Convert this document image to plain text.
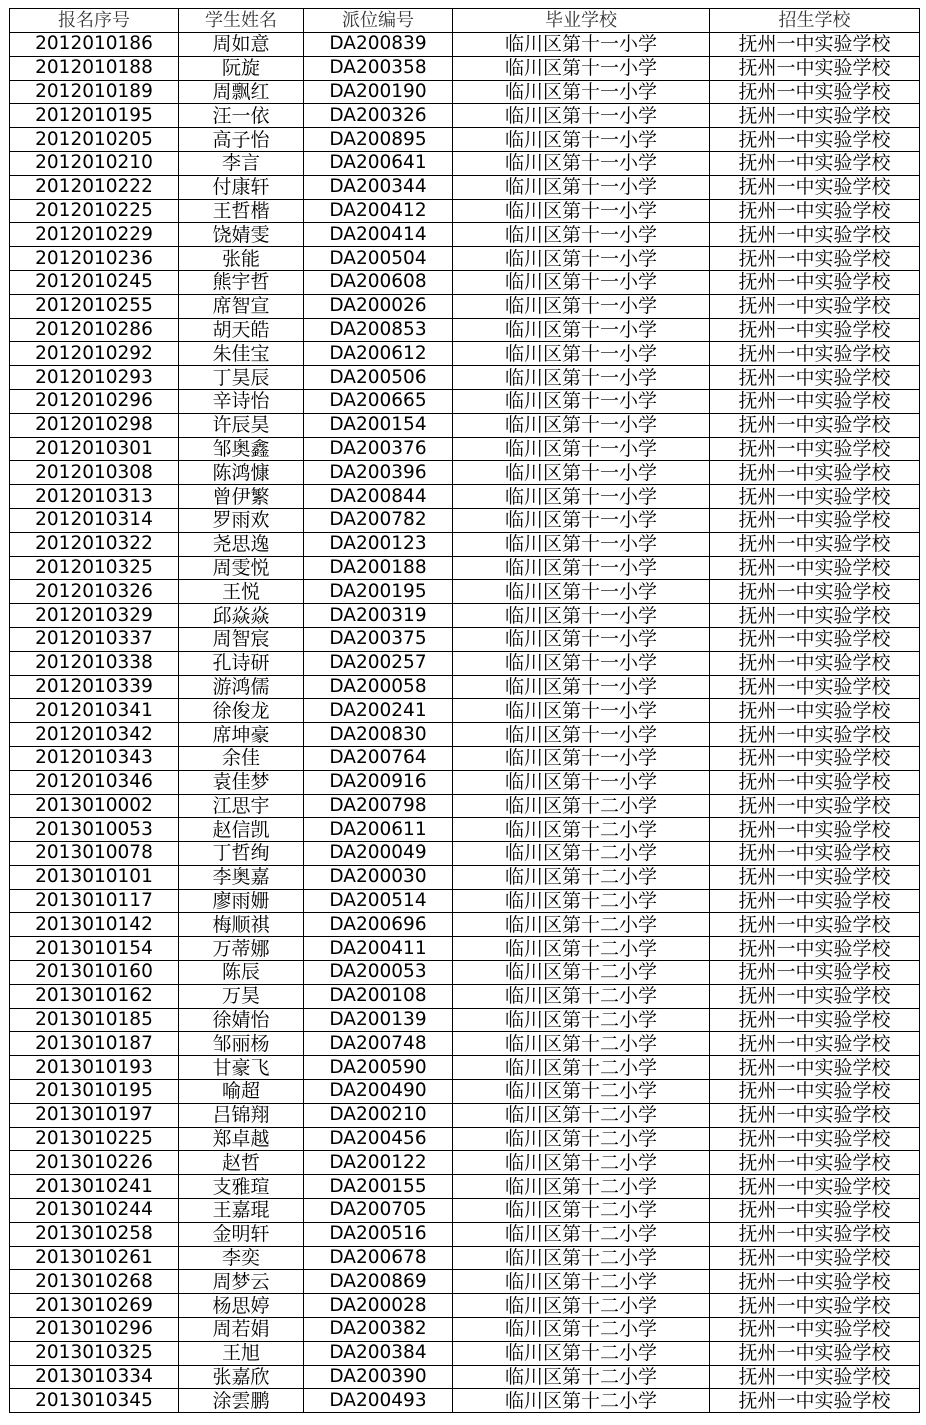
报名序号	学生姓名	派位编号	毕业学校	招生学校
2012010186	周如意	DA200839	临川区第十一小学	抚州一中实验学校
2012010188	阮旋	DA200358	临川区第十一小学	抚州一中实验学校
2012010189	周飘红	DA200190	临川区第十一小学	抚州一中实验学校
2012010195	汪一依	DA200326	临川区第十一小学	抚州一中实验学校
2012010205	高子怡	DA200895	临川区第十一小学	抚州一中实验学校
2012010210	李言	DA200641	临川区第十一小学	抚州一中实验学校
2012010222	付康轩	DA200344	临川区第十一小学	抚州一中实验学校
2012010225	王哲楷	DA200412	临川区第十一小学	抚州一中实验学校
2012010229	饶婧雯	DA200414	临川区第十一小学	抚州一中实验学校
2012010236	张能	DA200504	临川区第十一小学	抚州一中实验学校
2012010245	熊宇哲	DA200608	临川区第十一小学	抚州一中实验学校
2012010255	席智宣	DA200026	临川区第十一小学	抚州一中实验学校
2012010286	胡天皓	DA200853	临川区第十一小学	抚州一中实验学校
2012010292	朱佳宝	DA200612	临川区第十一小学	抚州一中实验学校
2012010293	丁昊辰	DA200506	临川区第十一小学	抚州一中实验学校
2012010296	辛诗怡	DA200665	临川区第十一小学	抚州一中实验学校
2012010298	许辰昊	DA200154	临川区第十一小学	抚州一中实验学校
2012010301	邹奥鑫	DA200376	临川区第十一小学	抚州一中实验学校
2012010308	陈鸿慷	DA200396	临川区第十一小学	抚州一中实验学校
2012010313	曾伊繁	DA200844	临川区第十一小学	抚州一中实验学校
2012010314	罗雨欢	DA200782	临川区第十一小学	抚州一中实验学校
2012010322	尧思逸	DA200123	临川区第十一小学	抚州一中实验学校
2012010325	周雯悦	DA200188	临川区第十一小学	抚州一中实验学校
2012010326	王悦	DA200195	临川区第十一小学	抚州一中实验学校
2012010329	邱焱焱	DA200319	临川区第十一小学	抚州一中实验学校
2012010337	周智宸	DA200375	临川区第十一小学	抚州一中实验学校
2012010338	孔诗研	DA200257	临川区第十一小学	抚州一中实验学校
2012010339	游鸿儒	DA200058	临川区第十一小学	抚州一中实验学校
2012010341	徐俊龙	DA200241	临川区第十一小学	抚州一中实验学校
2012010342	席坤豪	DA200830	临川区第十一小学	抚州一中实验学校
2012010343	余佳	DA200764	临川区第十一小学	抚州一中实验学校
2012010346	袁佳梦	DA200916	临川区第十一小学	抚州一中实验学校
2013010002	江思宇	DA200798	临川区第十二小学	抚州一中实验学校
2013010053	赵信凯	DA200611	临川区第十二小学	抚州一中实验学校
2013010078	丁哲绚	DA200049	临川区第十二小学	抚州一中实验学校
2013010101	李奥嘉	DA200030	临川区第十二小学	抚州一中实验学校
2013010117	廖雨姗	DA200514	临川区第十二小学	抚州一中实验学校
2013010142	梅顺祺	DA200696	临川区第十二小学	抚州一中实验学校
2013010154	万蒂娜	DA200411	临川区第十二小学	抚州一中实验学校
2013010160	陈辰	DA200053	临川区第十二小学	抚州一中实验学校
2013010162	万昊	DA200108	临川区第十二小学	抚州一中实验学校
2013010185	徐婧怡	DA200139	临川区第十二小学	抚州一中实验学校
2013010187	邹丽杨	DA200748	临川区第十二小学	抚州一中实验学校
2013010193	甘豪飞	DA200590	临川区第十二小学	抚州一中实验学校
2013010195	喻超	DA200490	临川区第十二小学	抚州一中实验学校
2013010197	吕锦翔	DA200210	临川区第十二小学	抚州一中实验学校
2013010225	郑卓越	DA200456	临川区第十二小学	抚州一中实验学校
2013010226	赵哲	DA200122	临川区第十二小学	抚州一中实验学校
2013010241	支雅瑄	DA200155	临川区第十二小学	抚州一中实验学校
2013010244	王嘉琨	DA200705	临川区第十二小学	抚州一中实验学校
2013010258	金明轩	DA200516	临川区第十二小学	抚州一中实验学校
2013010261	李奕	DA200678	临川区第十二小学	抚州一中实验学校
2013010268	周梦云	DA200869	临川区第十二小学	抚州一中实验学校
2013010269	杨思婷	DA200028	临川区第十二小学	抚州一中实验学校
2013010296	周若娟	DA200382	临川区第十二小学	抚州一中实验学校
2013010325	王旭	DA200384	临川区第十二小学	抚州一中实验学校
2013010334	张嘉欣	DA200390	临川区第十二小学	抚州一中实验学校
2013010345	涂雲鹏	DA200493	临川区第十二小学	抚州一中实验学校
